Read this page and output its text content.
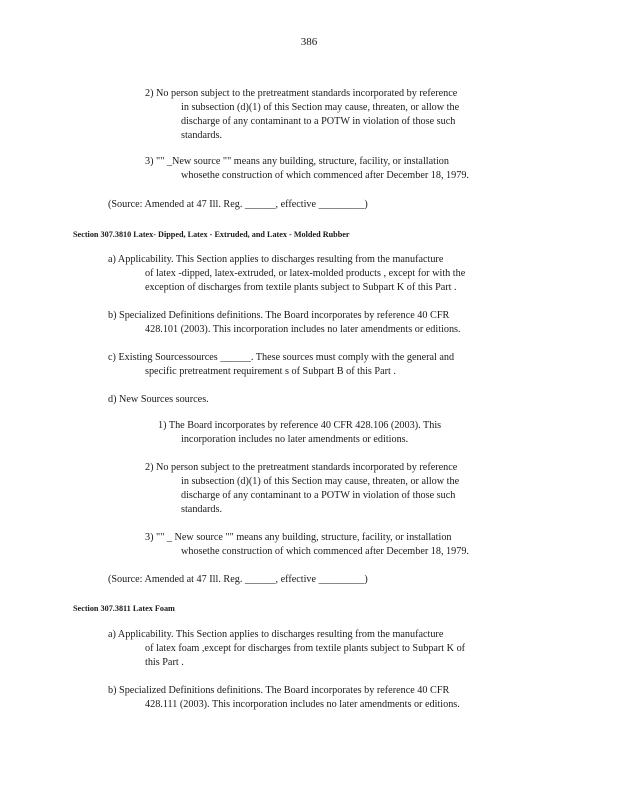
386
2) No person subject to the pretreatment standards incorporated by reference
in subsection (d)(1) of this Section may cause, threaten, or allow the
discharge of any contaminant to a POTW in violation of those such
standards.
3) "" _New source "" means any building, structure, facility, or installation
whosethe construction of which commenced after December 18, 1979.
(Source: Amended at 47 Ill. Reg. ______, effective _________)
Section 307.3810 Latex- Dipped, Latex - Extruded, and Latex - Molded Rubber
a) Applicability. This Section applies to discharges resulting from the manufacture
of latex -dipped, latex-extruded, or latex-molded products , except for with the
exception of discharges from textile plants subject to Subpart K of this Part .
b) Specialized Definitions definitions. The Board incorporates by reference 40 CFR
428.101 (2003). This incorporation includes no later amendments or editions.
c) Existing Sourcessources ______. These sources must comply with the general and
specific pretreatment requirement s of Subpart B of this Part .
d) New Sources sources.
1) The Board incorporates by reference 40 CFR 428.106 (2003). This
incorporation includes no later amendments or editions.
2) No person subject to the pretreatment standards incorporated by reference
in subsection (d)(1) of this Section may cause, threaten, or allow the
discharge of any contaminant to a POTW in violation of those such
standards.
3) "" _ New source "" means any building, structure, facility, or installation
whosethe construction of which commenced after December 18, 1979.
(Source: Amended at 47 Ill. Reg. ______, effective _________)
Section 307.3811 Latex Foam
a) Applicability. This Section applies to discharges resulting from the manufacture
of latex foam ,except for discharges from textile plants subject to Subpart K of
this Part .
b) Specialized Definitions definitions. The Board incorporates by reference 40 CFR
428.111 (2003). This incorporation includes no later amendments or editions.
